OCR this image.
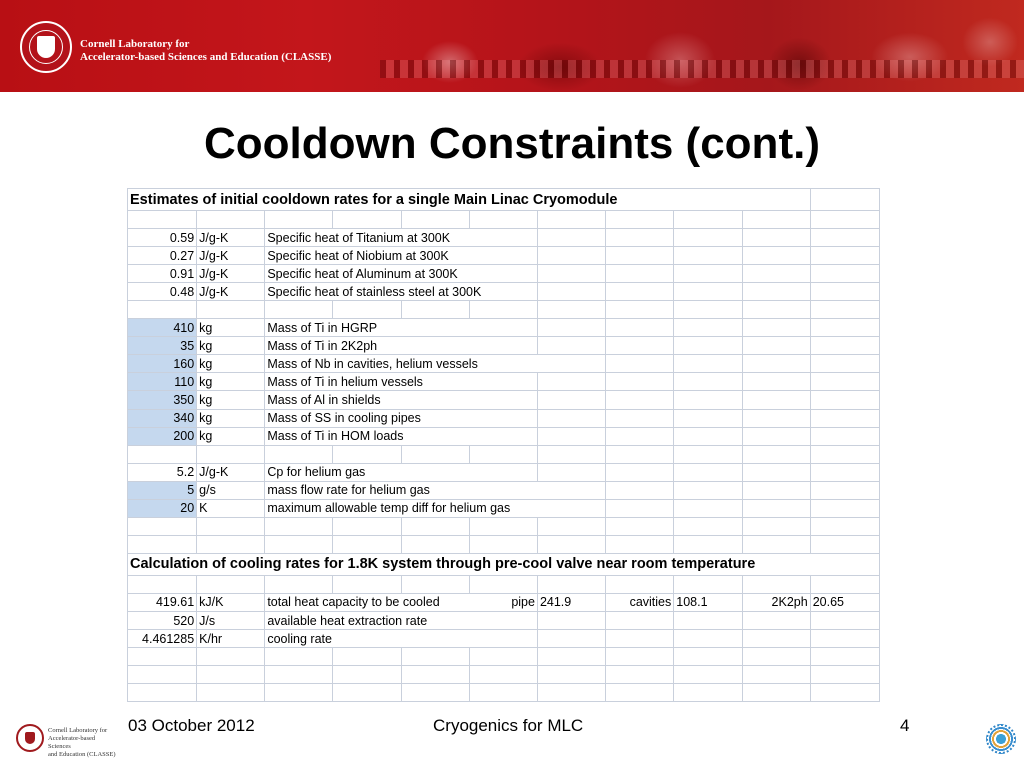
Cornell Laboratory for
Accelerator-based Sciences and Education (CLASSE)
Cooldown Constraints (cont.)
Estimates of initial cooldown rates for a single Main Linac Cryomodule										

0.59	J/g-K	Specific heat of Titanium at 300K								
0.27	J/g-K	Specific heat of Niobium at 300K								
0.91	J/g-K	Specific heat of Aluminum at 300K								
0.48	J/g-K	Specific heat of stainless steel at 300K								

410	kg	Mass of Ti in HGRP								
35	kg	Mass of Ti in 2K2ph								
160	kg	Mass of Nb in cavities, helium vessels								
110	kg	Mass of Ti in helium vessels								
350	kg	Mass of Al in shields								
340	kg	Mass of SS in cooling pipes								
200	kg	Mass of Ti in HOM loads								

5.2	J/g-K	Cp for helium gas								
5	g/s	mass flow rate for helium gas								
20	K	maximum allowable temp diff for helium gas								

Calculation of cooling rates for 1.8K system through pre-cool valve near room temperature										

419.61	kJ/K	total heat capacity to be cooled			pipe	241.9	cavities	108.1	2K2ph	20.65
520	J/s	available heat extraction rate								
4.461285	K/hr	cooling rate								

Cornell Laboratory for
Accelerator-based Sciences
and Education (CLASSE)
03 October 2012	Cryogenics for MLC	4
